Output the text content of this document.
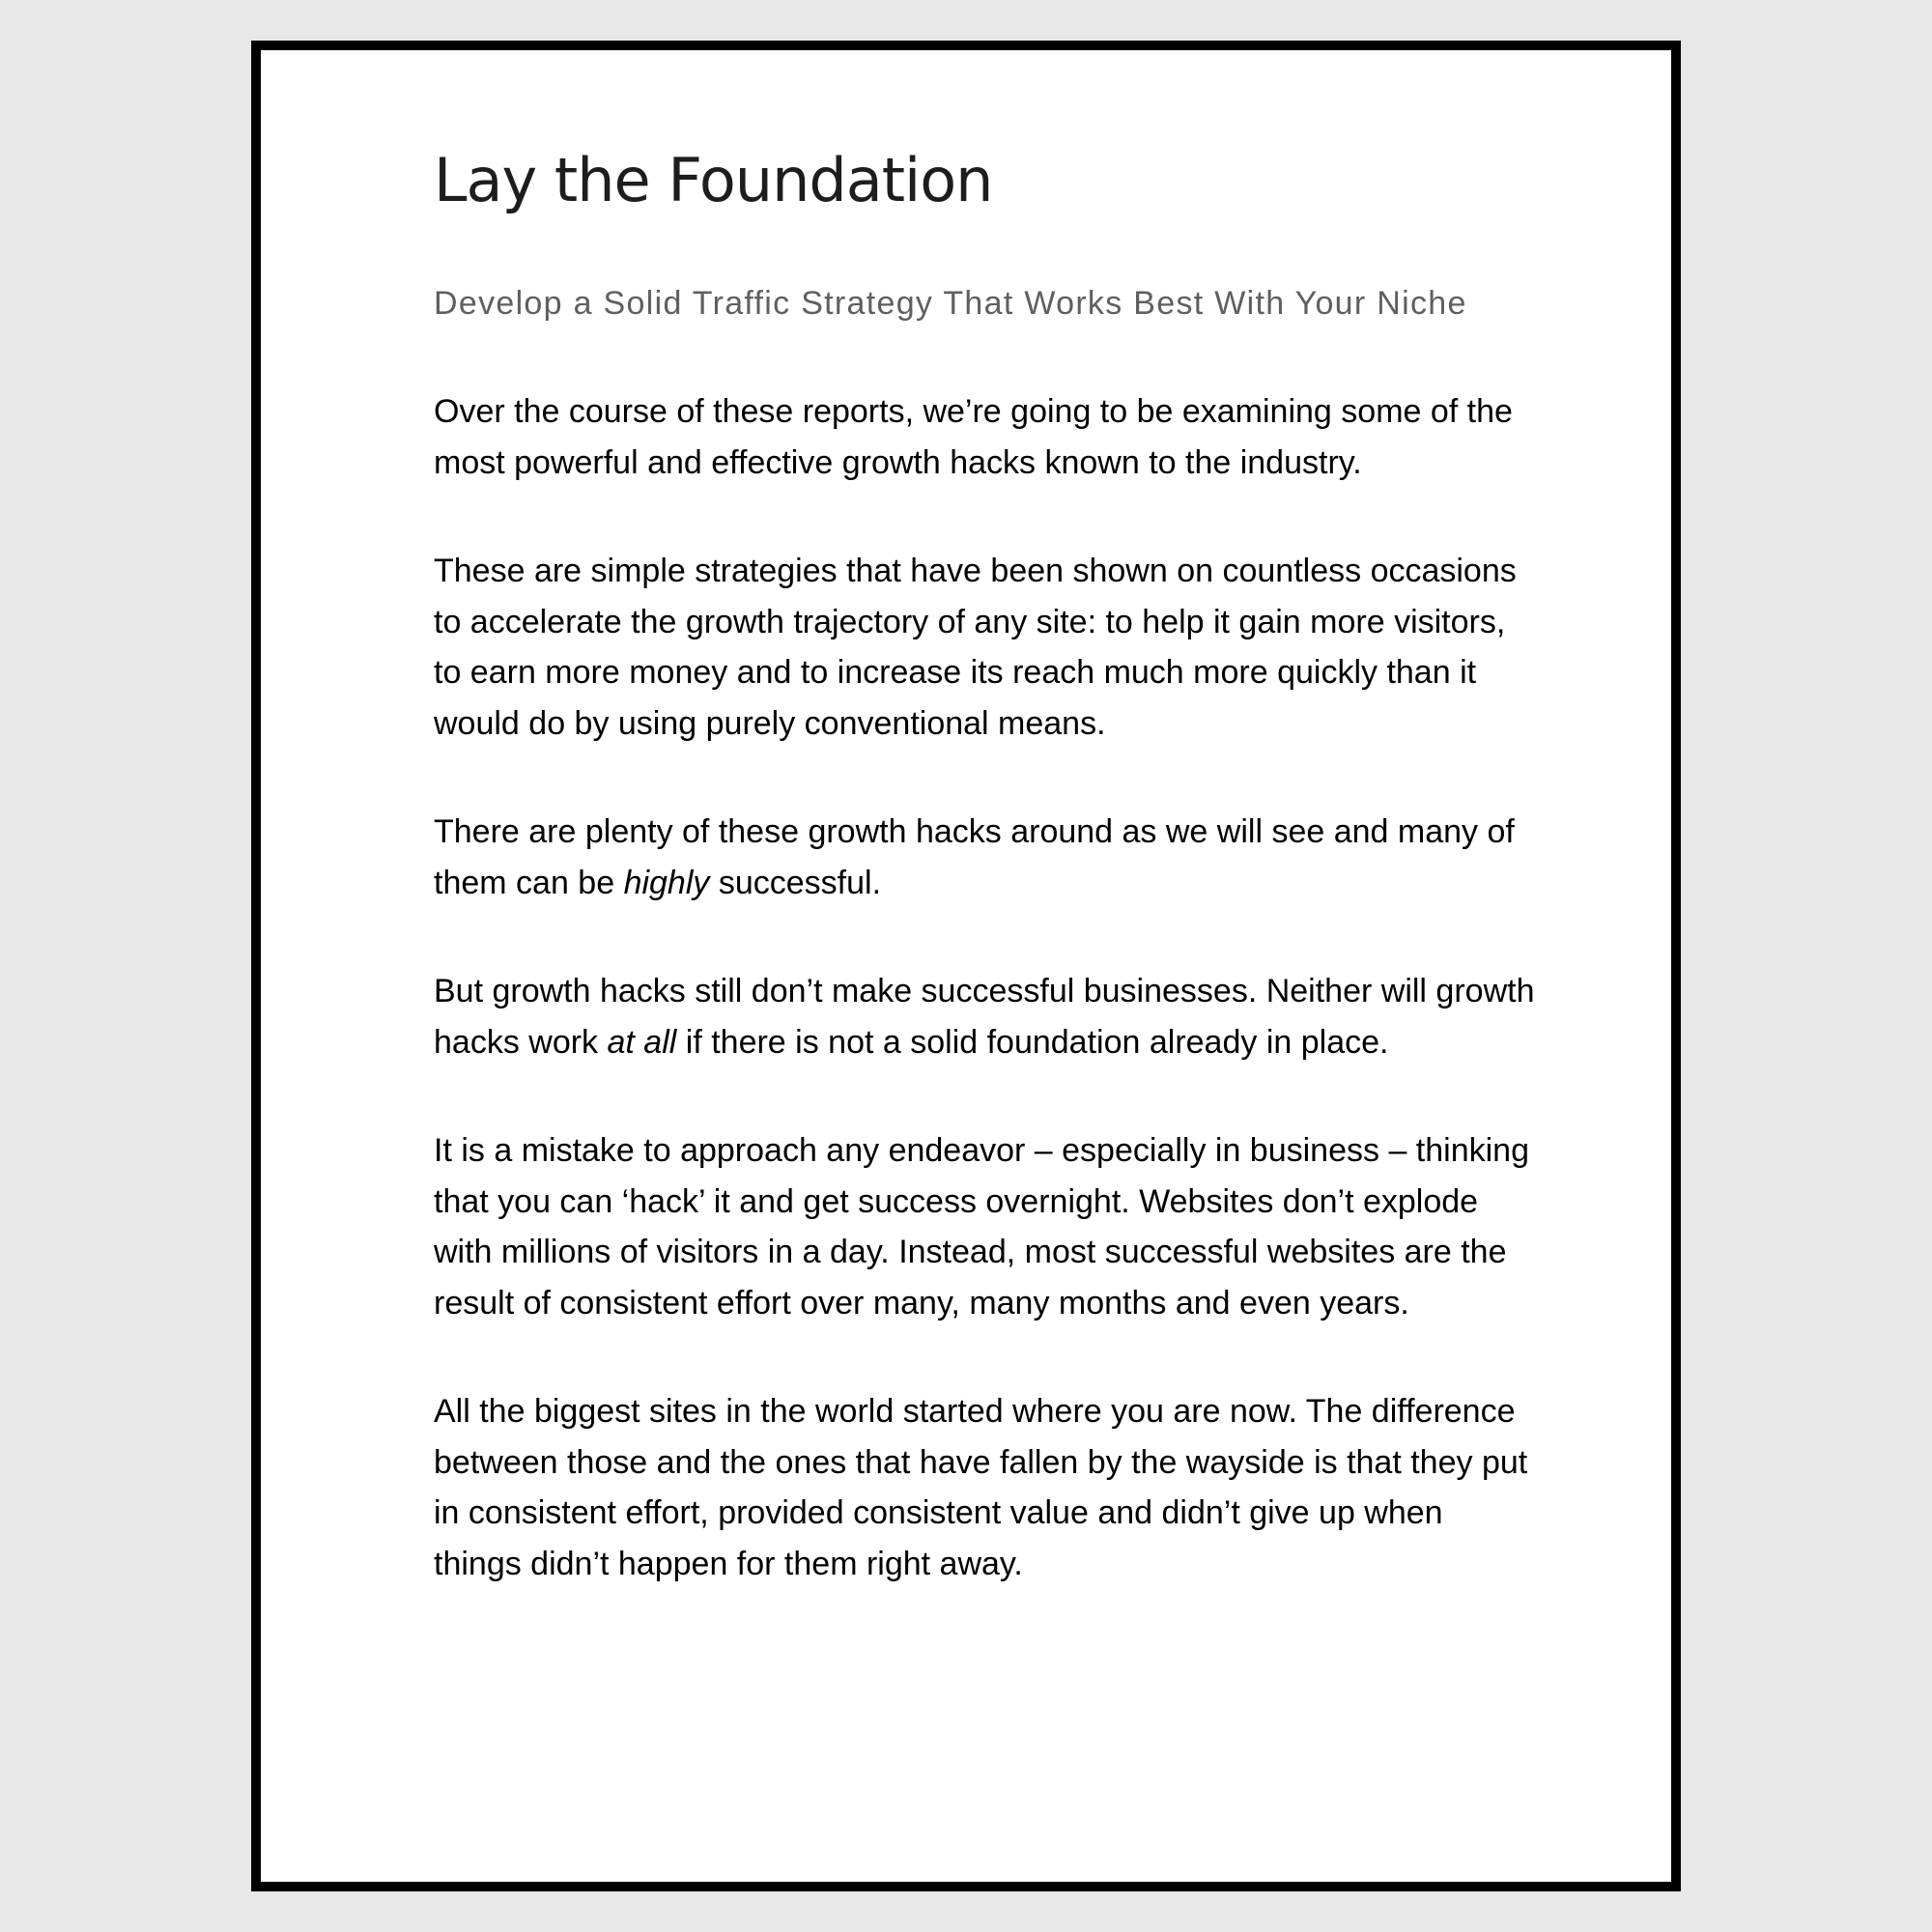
Lay the Foundation
Develop a Solid Traffic Strategy That Works Best With Your Niche

Over the course of these reports, we’re going to be examining some of the most powerful and effective growth hacks known to the industry.

These are simple strategies that have been shown on countless occasions to accelerate the growth trajectory of any site: to help it gain more visitors, to earn more money and to increase its reach much more quickly than it would do by using purely conventional means.

There are plenty of these growth hacks around as we will see and many of them can be highly successful.

But growth hacks still don’t make successful businesses. Neither will growth hacks work at all if there is not a solid foundation already in place.

It is a mistake to approach any endeavor – especially in business – thinking that you can ‘hack’ it and get success overnight. Websites don’t explode with millions of visitors in a day. Instead, most successful websites are the result of consistent effort over many, many months and even years.

All the biggest sites in the world started where you are now. The difference between those and the ones that have fallen by the wayside is that they put in consistent effort, provided consistent value and didn’t give up when things didn’t happen for them right away.
